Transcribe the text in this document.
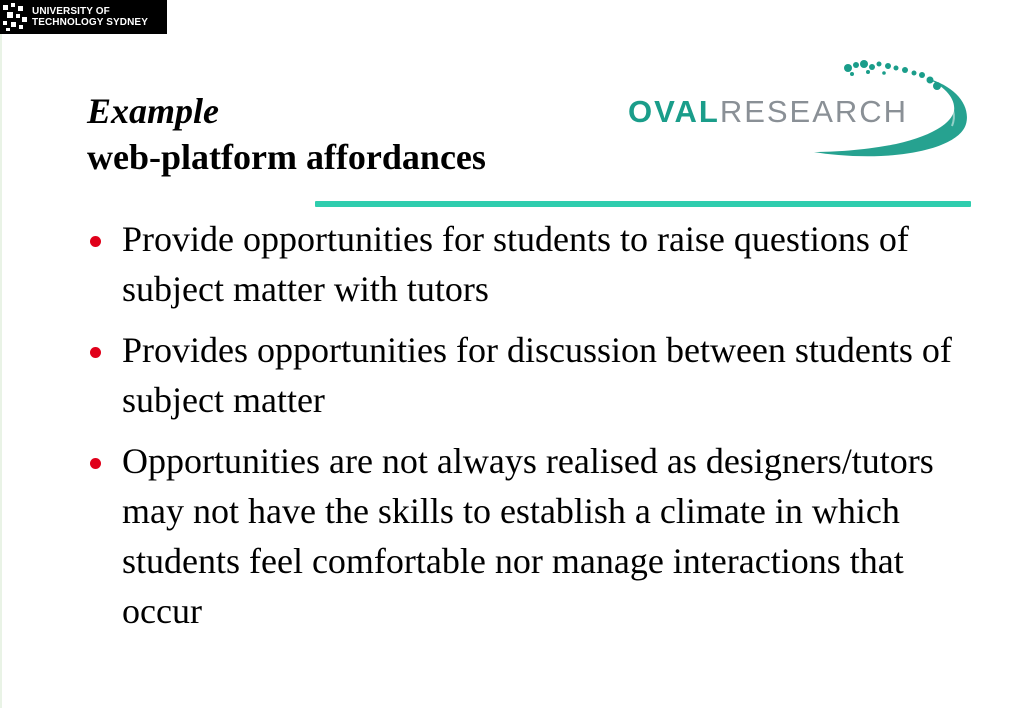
UNIVERSITY OF
TECHNOLOGY SYDNEY
Example
web-platform affordances
OVALRESEARCH
Provide opportunities for students to raise questions of subject matter with tutors
Provides opportunities for discussion between students of subject matter
Opportunities are not always realised as designers/tutors may not have the skills to establish a climate in which students feel comfortable nor manage interactions that occur
